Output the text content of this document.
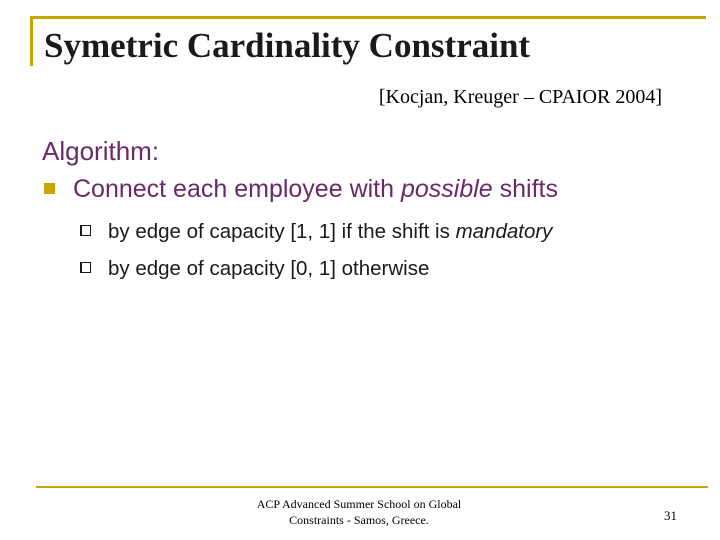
Symetric Cardinality Constraint
[Kocjan, Kreuger – CPAIOR 2004]
Algorithm:
Connect each employee with possible shifts
by edge of capacity [1, 1] if the shift is mandatory
by edge of capacity [0, 1] otherwise
ACP Advanced Summer School on Global
Constraints - Samos, Greece.	31
